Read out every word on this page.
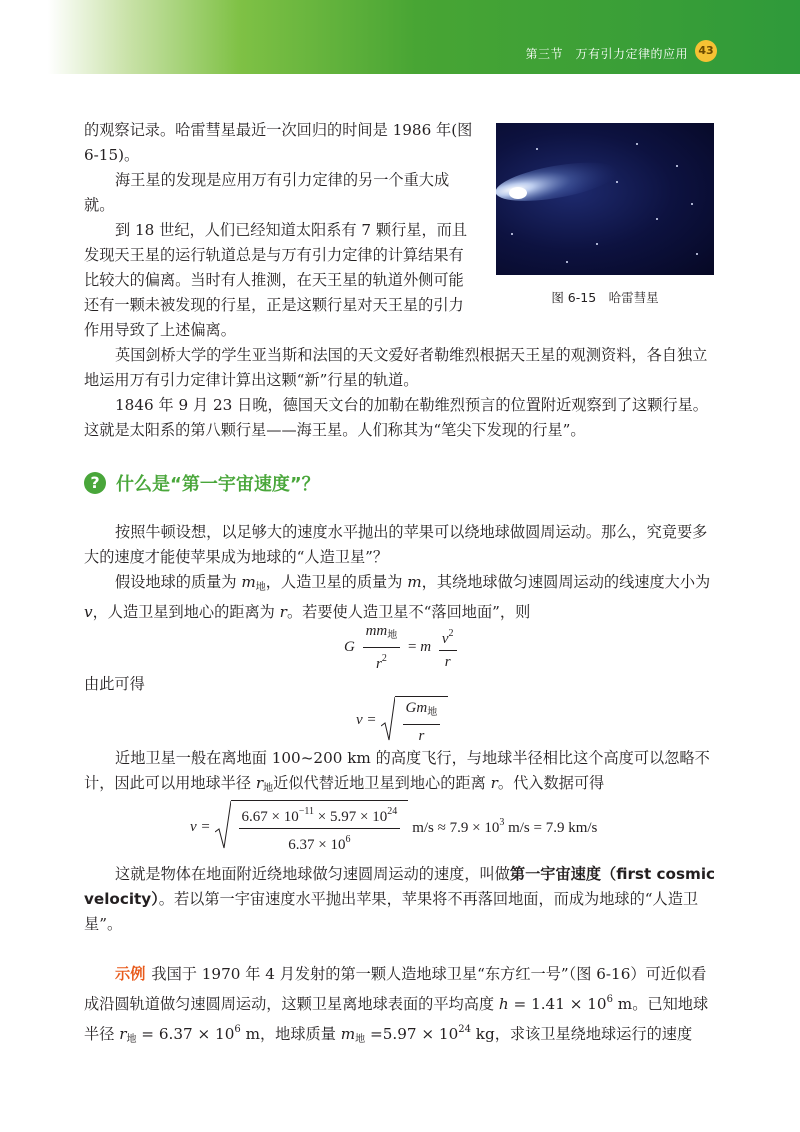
第三节　万有引力定律的应用 43

的观察记录。哈雷彗星最近一次回归的时间是 1986 年(图 6-15)。

海王星的发现是应用万有引力定律的另一个重大成就。

到 18 世纪，人们已经知道太阳系有 7 颗行星，而且发现天王星的运行轨道总是与万有引力定律的计算结果有比较大的偏离。当时有人推测，在天王星的轨道外侧可能还有一颗未被发现的行星，正是这颗行星对天王星的引力作用导致了上述偏离。

图 6-15　哈雷彗星

英国剑桥大学的学生亚当斯和法国的天文爱好者勒维烈根据天王星的观测资料，各自独立地运用万有引力定律计算出这颗“新”行星的轨道。

1846 年 9 月 23 日晚，德国天文台的加勒在勒维烈预言的位置附近观察到了这颗行星。这就是太阳系的第八颗行星——海王星。人们称其为“笔尖下发现的行星”。

? 什么是“第一宇宙速度”？

按照牛顿设想，以足够大的速度水平抛出的苹果可以绕地球做圆周运动。那么，究竟要多大的速度才能使苹果成为地球的“人造卫星”？

假设地球的质量为 $m_地$，人造卫星的质量为 m，其绕地球做匀速圆周运动的线速度大小为 v，人造卫星到地心的距离为 r。若要使人造卫星不“落回地面”，则

G $\frac{mm_地}{r^2} = m \frac{v^2}{r}$

由此可得

$v = \frac{Gm_地}{r}$

近地卫星一般在离地面 100~200 km 的高度飞行，与地球半径相比这个高度可以忽略不计，因此可以用地球半径 $r_地$近似代替近地卫星到地心的距离 r。代入数据可得

$v = \frac{6.67 \times 10^{-11} \times 5.97 \times 10^{24}}{6.37 \times 10^6} m/s \approx 7.9 \times 10^3$ m/s = 7.9 km/s

这就是物体在地面附近绕地球做匀速圆周运动的速度，叫做第一宇宙速度（first cosmic velocity）。若以第一宇宙速度水平抛出苹果，苹果将不再落回地面，而成为地球的“人造卫星”。

示例 我国于 1970 年 4 月发射的第一颗人造地球卫星“东方红一号”（图 6-16）可近似看成沿圆轨道做匀速圆周运动，这颗卫星离地球表面的平均高度 $h = 1.41 \times 10^6$ m。已知地球半径 $r_地 = 6.37 \times 10^6$ m，地球质量 $m_地 =5.97 \times 10^{24}$ kg，求该卫星绕地球运行的速度
